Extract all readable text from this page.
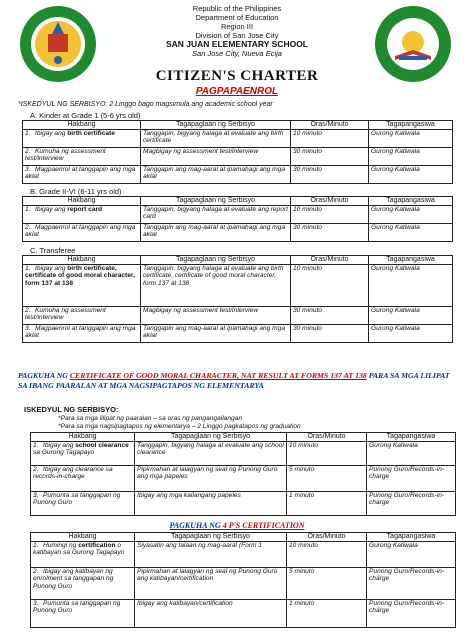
Republic of the Philippines
Department of Education
Region III
Division of San Jose City
SAN JUAN ELEMENTARY SCHOOL
San Jose City, Nueva Ecija
CITIZEN'S CHARTER
PAGPAPAENROL
*ISKEDYUL NG SERBISYO: 2 Linggo bago magsimula ang academic school year
A. Kinder at Grade 1 (5-6 yrs old)
Hakbang	Tagapaglaan ng Serbisyo	Oras/Minuto	Tagapangasiwa
1. Ibigay ang birth certificate	Tanggapin, bigyang halaga at evaluate ang birth certificate	10 minuto	Gurong Katiwala
2. Kumuha ng assessment test/interview	Magbigay ng assessment test/interview	30 minuto	Gurong Katiwala
3. Magpaenrol at tanggapin ang mga aklat	Tanggapin ang mag-aaral at ipamahagi ang mga aklat	30 minuto	Gurong Katiwala
B. Grade II-VI (6-11 yrs old)
Hakbang	Tagapaglaan ng Serbisyo	Oras/Minuto	Tagapangasiwa
1. Ibigay ang report card	Tanggapin, bigyang halaga at evaluate ang report card	10 minuto	Gurong Katiwala
2. Magpaenrol at tanggapin ang mga aklat	Tanggapin ang mag-aaral at ipamahagi ang mga aklat	30 minuto	Gurong Katiwala
C. Transferee
Hakbang	Tagapaglaan ng Serbisyo	Oras/Minuto	Tagapangasiwa
1. Ibigay ang birth certificate, certificate of good moral character, form 137 at 138	Tanggapin, bigyang halaga at evaluate ang birth certificate, certificate of good moral character, form 137 at 138	10 minuto	Gurong Katiwala
2. Kumuha ng assessment test/interview	Magbigay ng assessment test/interview	30 minuto	Gurong Katiwala
3. Magpaenrol at tanggapin ang mga aklat	Tanggapin ang mag-aaral at ipamahagi ang mga aklat	30 minuto	Gurong Katiwala
PAGKUHA NG CERTIFICATE OF GOOD MORAL CHARACTER, NAT RESULT AT FORMS 137 AT 138 PARA SA MGA LILIPAT SA IBANG PAARALAN AT MGA NAGSIPAGTAPOS NG ELEMENTARYA
ISKEDYUL NG SERBISYO:
*Para sa mga lilipat ng paaralan – sa oras ng pangangailangan
*Para sa mga nagsipagtapos ng elementarya – 2 Linggo pagkatapos ng graduation
Hakbang	Tagapaglaan ng Serbisyo	Oras/Minuto	Tagapangasiwa
1. Ibigay ang school clearance sa Gurong Tagapayo	Tanggapin, bigyang halaga at evaluate ang school clearance	10 minuto	Gurong Katiwala
2. Ibigay ang clearance sa records-in-charge	Pipirmahan at lalagyan ng seal ng Punong Guro ang mga papeles	5 minuto	Punong Guro/Records-in-charge
3. Pumunta sa tanggapan ng Punong Guro	Ibigay ang mga kailangang papeles	1 minuto	Punong Guro/Records-in-charge
PAGKUHA NG 4 P'S CERTIFICATION
Hakbang	Tagapaglaan ng Serbisyo	Oras/Minuto	Tagapangasiwa
1. Humingi ng certification o katibayan sa Gurong Tagapayo	Siyasatin ang talaan ng mag-aaral (Form 1	10 minuto	Gurong Katiwala
2. Ibigay ang katibayan ng enrolment sa tanggapan ng Punong Guro	Pipirmahan at lalagyan ng seal ng Punong Guro ang katibayan/certification	5 minuto	Punong Guro/Records-in-charge
3. Pumunta sa tanggapan ng Punong Guro	Ibigay ang katibayan/certification	1 minuto	Punong Guro/Records-in-charge
